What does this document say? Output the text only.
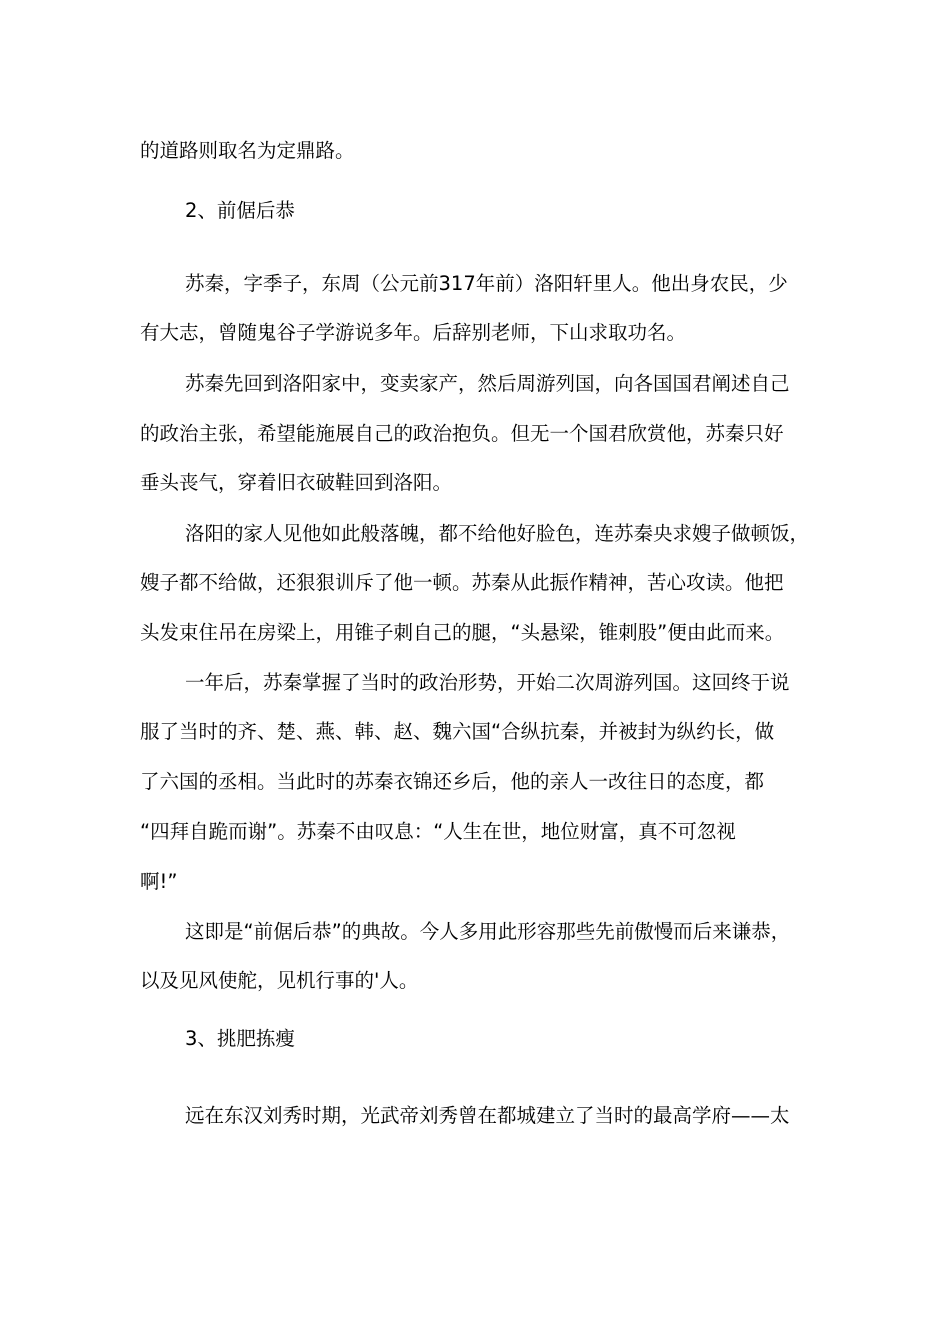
的道路则取名为定鼎路。
2、前倨后恭
苏秦，字季子，东周（公元前317年前）洛阳轩里人。他出身农民，少
有大志，曾随鬼谷子学游说多年。后辞别老师，下山求取功名。
苏秦先回到洛阳家中，变卖家产，然后周游列国，向各国国君阐述自己
的政治主张，希望能施展自己的政治抱负。但无一个国君欣赏他，苏秦只好
垂头丧气，穿着旧衣破鞋回到洛阳。
洛阳的家人见他如此般落魄，都不给他好脸色，连苏秦央求嫂子做顿饭，
嫂子都不给做，还狠狠训斥了他一顿。苏秦从此振作精神，苦心攻读。他把
头发束住吊在房梁上，用锥子刺自己的腿，“头悬梁，锥刺股”便由此而来。
一年后，苏秦掌握了当时的政治形势，开始二次周游列国。这回终于说
服了当时的齐、楚、燕、韩、赵、魏六国“合纵抗秦，并被封为纵约长，做
了六国的丞相。当此时的苏秦衣锦还乡后，他的亲人一改往日的态度，都
“四拜自跪而谢”。苏秦不由叹息：“人生在世，地位财富，真不可忽视
啊!”
这即是“前倨后恭”的典故。今人多用此形容那些先前傲慢而后来谦恭，
以及见风使舵，见机行事的'人。
3、挑肥拣瘦
远在东汉刘秀时期，光武帝刘秀曾在都城建立了当时的最高学府——太
